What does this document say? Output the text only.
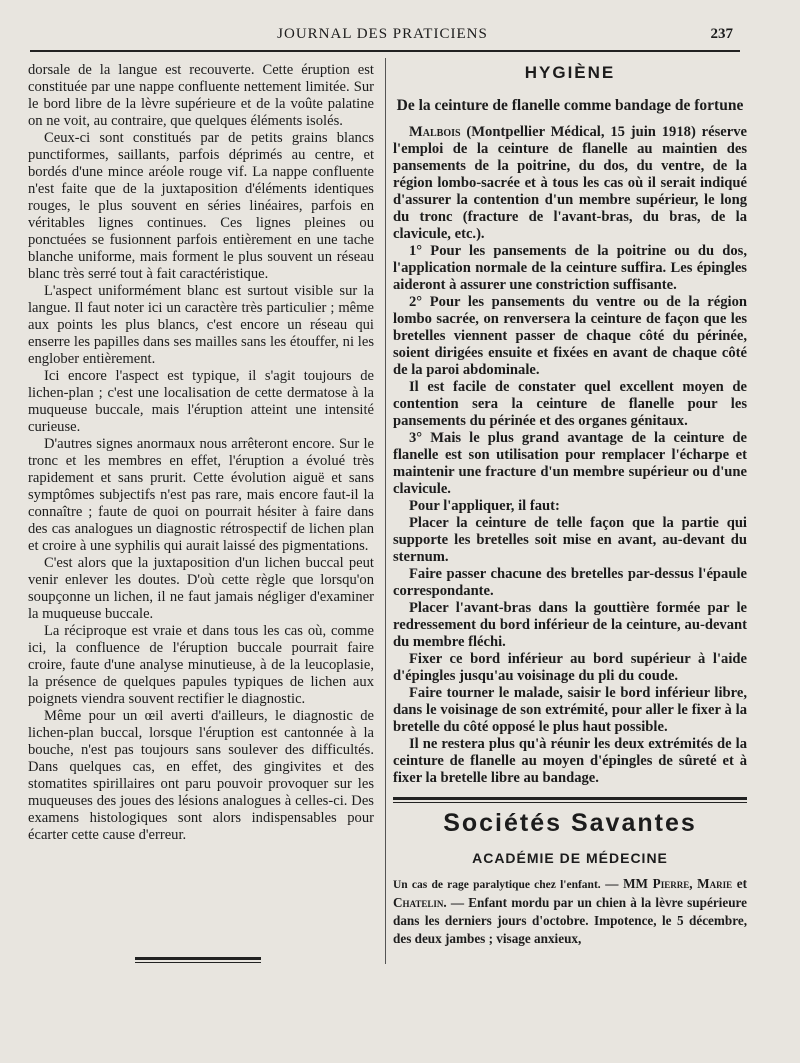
JOURNAL DES PRATICIENS	237

dorsale de la langue est recouverte. Cette éruption est constituée par une nappe confluente nettement limitée. Sur le bord libre de la lèvre supérieure et de la voûte palatine on ne voit, au contraire, que quelques éléments isolés.

Ceux-ci sont constitués par de petits grains blancs punctiformes, saillants, parfois déprimés au centre, et bordés d'une mince aréole rouge vif. La nappe confluente n'est faite que de la juxtaposition d'éléments identiques rouges, le plus souvent en séries linéaires, parfois en véritables lignes continues. Ces lignes pleines ou ponctuées se fusionnent parfois entièrement en une tache blanche uniforme, mais forment le plus souvent un réseau blanc très serré tout à fait caractéristique.

L'aspect uniformément blanc est surtout visible sur la langue. Il faut noter ici un caractère très particulier ; même aux points les plus blancs, c'est encore un réseau qui enserre les papilles dans ses mailles sans les étouffer, ni les englober entièrement.

Ici encore l'aspect est typique, il s'agit toujours de lichen-plan ; c'est une localisation de cette dermatose à la muqueuse buccale, mais l'éruption atteint une intensité curieuse.

D'autres signes anormaux nous arrêteront encore. Sur le tronc et les membres en effet, l'éruption a évolué très rapidement et sans prurit. Cette évolution aiguë et sans symptômes subjectifs n'est pas rare, mais encore faut-il la connaître ; faute de quoi on pourrait hésiter à faire dans des cas analogues un diagnostic rétrospectif de lichen plan et croire à une syphilis qui aurait laissé des pigmentations.

C'est alors que la juxtaposition d'un lichen buccal peut venir enlever les doutes. D'où cette règle que lorsqu'on soupçonne un lichen, il ne faut jamais négliger d'examiner la muqueuse buccale.

La réciproque est vraie et dans tous les cas où, comme ici, la confluence de l'éruption buccale pourrait faire croire, faute d'une analyse minutieuse, à de la leucoplasie, la présence de quelques papules typiques de lichen aux poignets viendra souvent rectifier le diagnostic.

Même pour un œil averti d'ailleurs, le diagnostic de lichen-plan buccal, lorsque l'éruption est cantonnée à la bouche, n'est pas toujours sans soulever des difficultés. Dans quelques cas, en effet, des gingivites et des stomatites spirillaires ont paru pouvoir provoquer sur les muqueuses des joues des lésions analogues à celles-ci. Des examens histologiques sont alors indispensables pour écarter cette cause d'erreur.

HYGIÈNE
De la ceinture de flanelle comme bandage de fortune

Malbois (Montpellier Médical, 15 juin 1918) réserve l'emploi de la ceinture de flanelle au maintien des pansements de la poitrine, du dos, du ventre, de la région lombo-sacrée et à tous les cas où il serait indiqué d'assurer la contention d'un membre supérieur, le long du tronc (fracture de l'avant-bras, du bras, de la clavicule, etc.).

1° Pour les pansements de la poitrine ou du dos, l'application normale de la ceinture suffira. Les épingles aideront à assurer une constriction suffisante.

2° Pour les pansements du ventre ou de la région lombo sacrée, on renversera la ceinture de façon que les bretelles viennent passer de chaque côté du périnée, soient dirigées ensuite et fixées en avant de chaque côté de la paroi abdominale.

Il est facile de constater quel excellent moyen de contention sera la ceinture de flanelle pour les pansements du périnée et des organes génitaux.

3° Mais le plus grand avantage de la ceinture de flanelle est son utilisation pour remplacer l'écharpe et maintenir une fracture d'un membre supérieur ou d'une clavicule.

Pour l'appliquer, il faut:

Placer la ceinture de telle façon que la partie qui supporte les bretelles soit mise en avant, au-devant du sternum.

Faire passer chacune des bretelles par-dessus l'épaule correspondante.

Placer l'avant-bras dans la gouttière formée par le redressement du bord inférieur de la ceinture, au-devant du membre fléchi.

Fixer ce bord inférieur au bord supérieur à l'aide d'épingles jusqu'au voisinage du pli du coude.

Faire tourner le malade, saisir le bord inférieur libre, dans le voisinage de son extrémité, pour aller le fixer à la bretelle du côté opposé le plus haut possible.

Il ne restera plus qu'à réunir les deux extrémités de la ceinture de flanelle au moyen d'épingles de sûreté et à fixer la bretelle libre au bandage.

Sociétés Savantes
ACADÉMIE DE MÉDECINE

Un cas de rage paralytique chez l'enfant. — MM Pierre, Marie et Chatelin. — Enfant mordu par un chien à la lèvre supérieure dans les derniers jours d'octobre. Impotence, le 5 décembre, des deux jambes ; visage anxieux,
